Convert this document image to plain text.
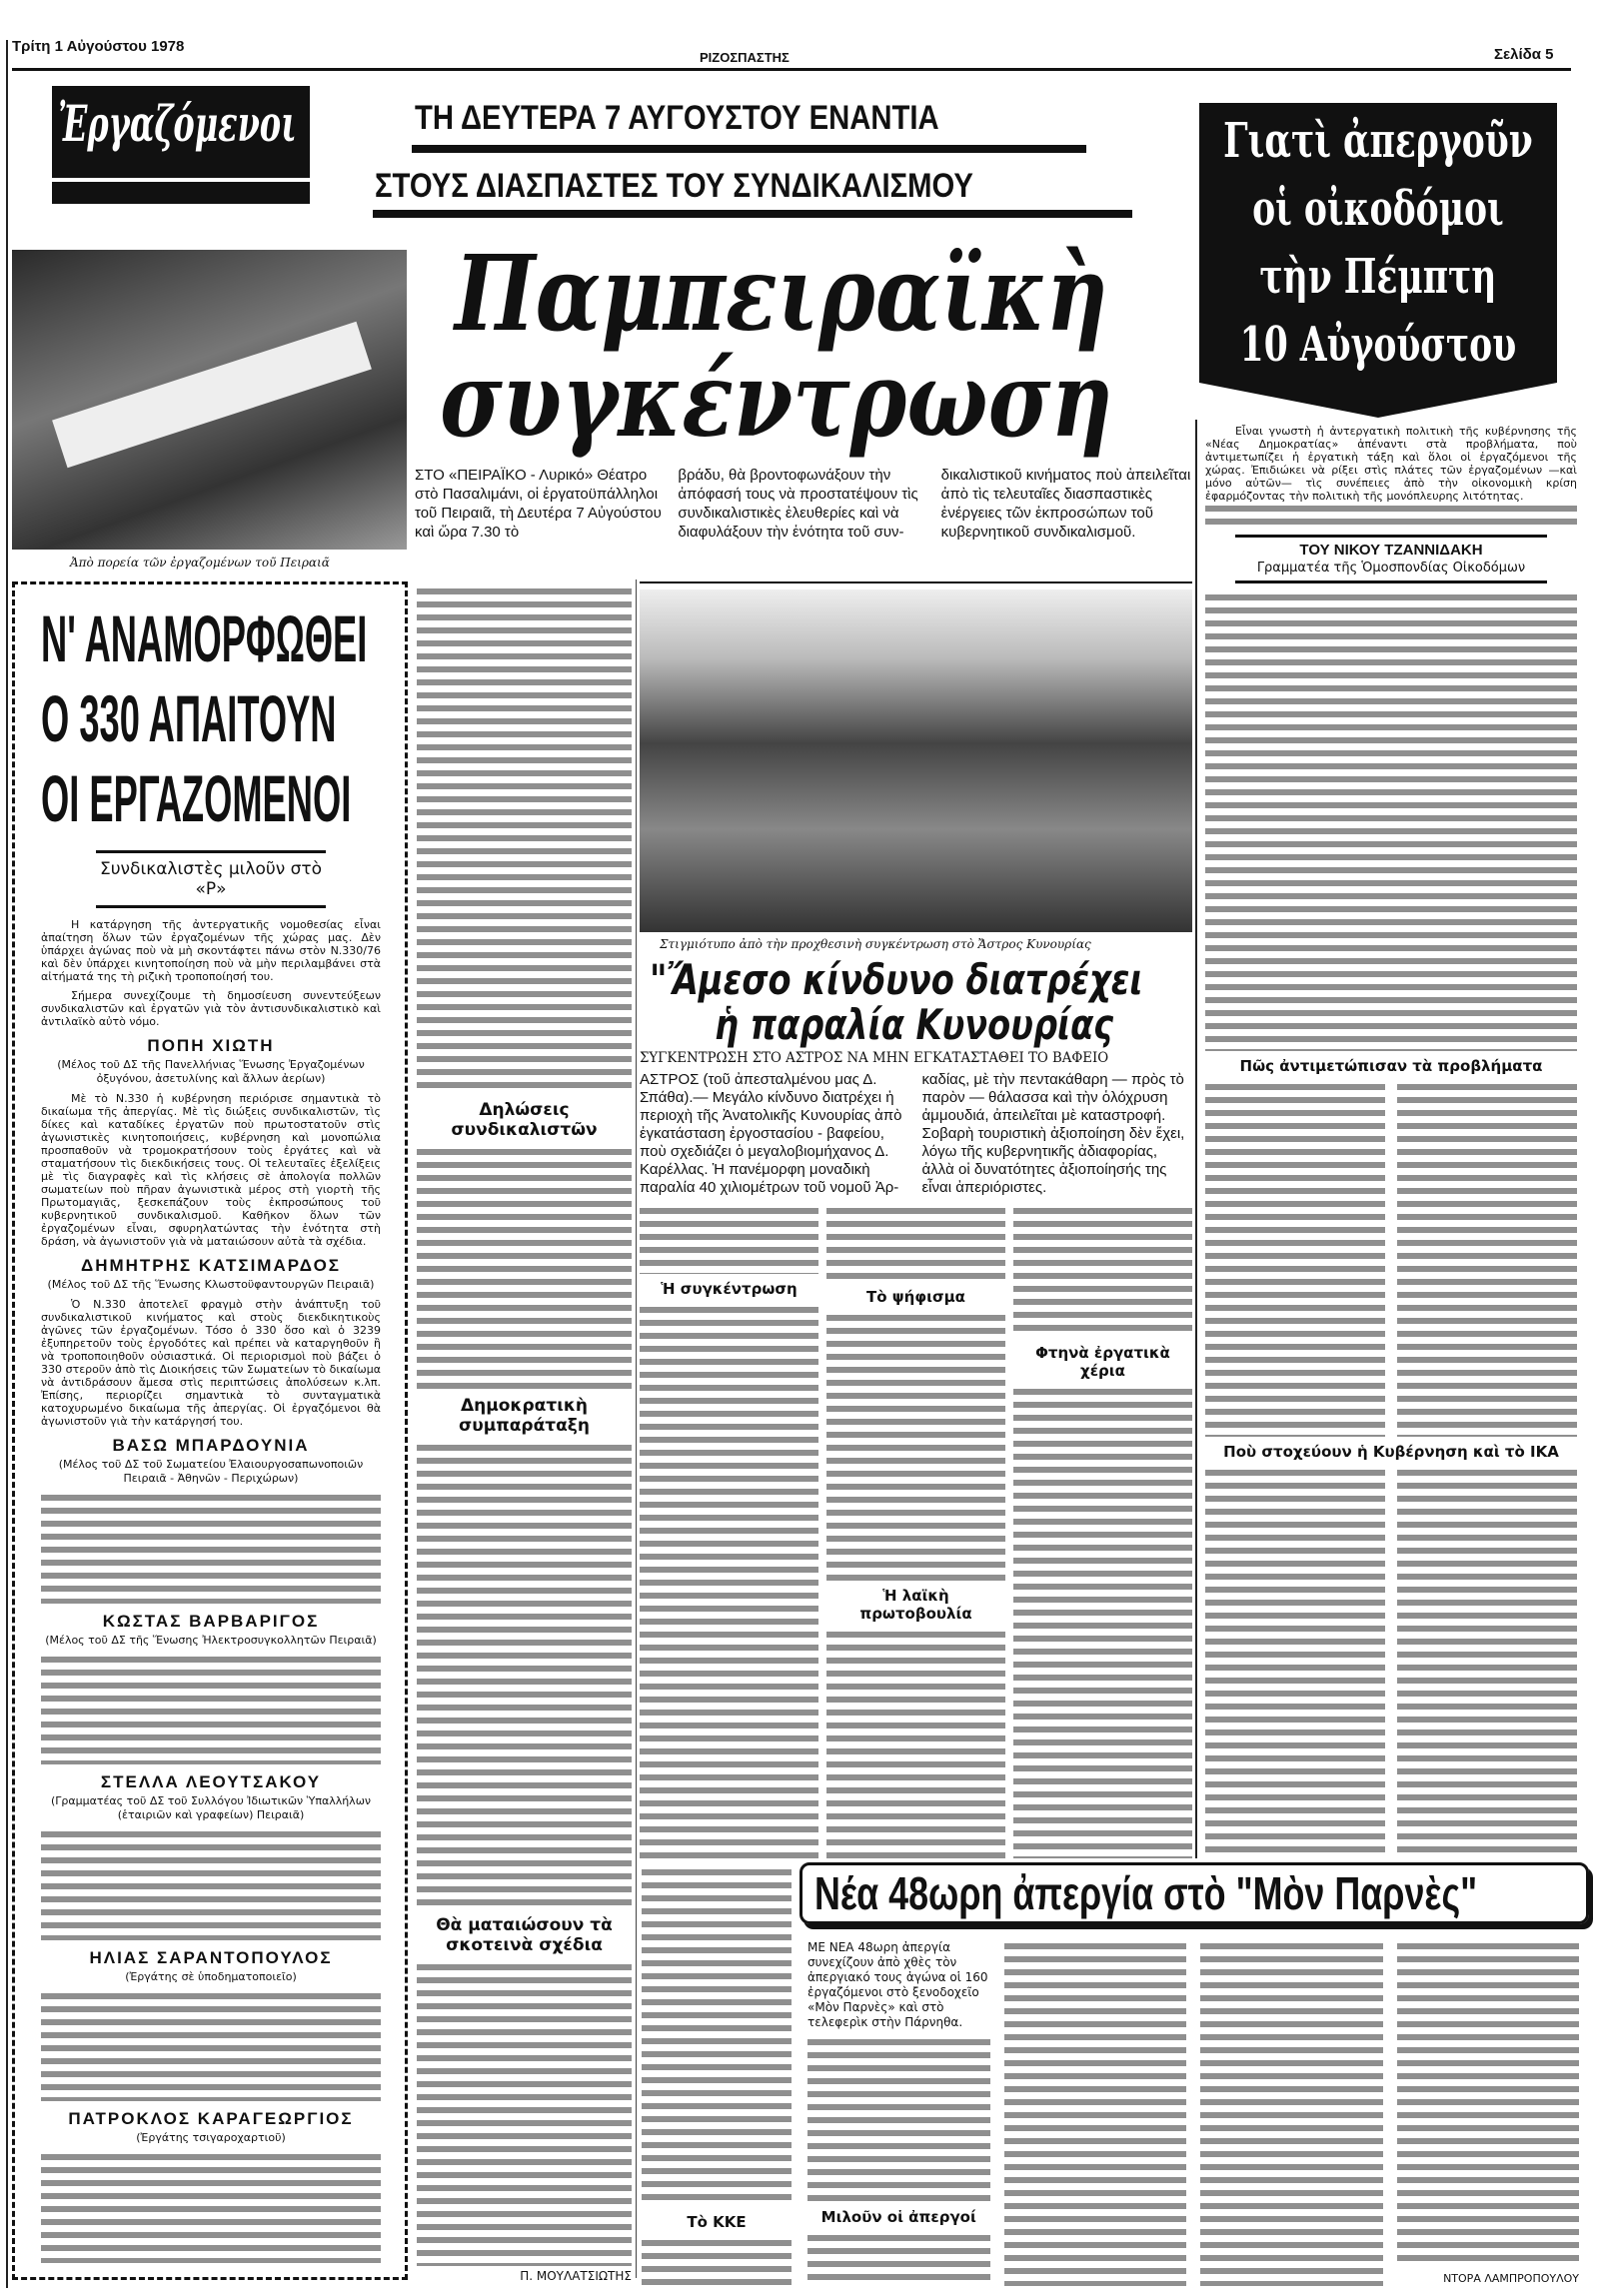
Τρίτη 1 Αὐγούστου 1978
ΡΙΖΟΣΠΑΣΤΗΣ	Σελίδα 5
Ἐργαζόμενοι	ΤΗ ΔΕΥΤΕΡΑ 7 ΑΥΓΟΥΣΤΟΥ ΕΝΑΝΤΙΑ
ΣΤΟΥΣ ΔΙΑΣΠΑΣΤΕΣ ΤΟΥ ΣΥΝΔΙΚΑΛΙΣΜΟΥ
Γιατὶ ἀπεργοῦν
οἱ οἰκοδόμοι
τὴν Πέμπτη
10 Αὐγούστου
Ἀπὸ πορεία τῶν ἐργαζομένων τοῦ Πειραιᾶ
Παμπειραϊκὴ
συγκέντρωση
ΣΤΟ «ΠΕΙΡΑΪΚΟ - Λυρικό» Θέατρο στὸ Πασαλιμάνι, οἱ ἐργατοϋπάλληλοι τοῦ Πειραιᾶ, τὴ Δευτέρα 7 Αὐγούστου καὶ ὥρα 7.30 τὸ
βράδυ, θὰ βροντοφωνάξουν τὴν ἀπόφασή τους νὰ προστατέψουν τὶς συνδικαλιστικὲς ἐλευθερίες καὶ νὰ διαφυλάξουν τὴν ἑνότητα τοῦ συν-
δικαλιστικοῦ κινήματος ποὺ ἀπειλεῖται ἀπὸ τὶς τελευταῖες διασπαστικὲς ἐνέργειες τῶν ἐκπροσώπων τοῦ κυβερνητικοῦ συνδικαλισμοῦ.
Ν' ΑΝΑΜΟΡΦΩΘΕΙ
Ο 330 ΑΠΑΙΤΟΥΝ
ΟΙ ΕΡΓΑΖΟΜΕΝΟΙ
Συνδικαλιστὲς μιλοῦν στὸ «Ρ»
Η κατάργηση τῆς ἀντεργατικῆς νομοθεσίας εἶναι ἀπαίτηση ὅλων τῶν ἐργαζομένων τῆς χώρας μας. Δὲν ὑπάρχει ἀγώνας ποὺ νὰ μὴ σκοντάφτει πάνω στὸν Ν.330/76 καὶ δὲν ὑπάρχει κινητοποίηση ποὺ νὰ μὴν περιλαμβάνει στὰ αἰτήματά της τὴ ριζικὴ τροποποίησή του.
Σήμερα συνεχίζουμε τὴ δημοσίευση συνεντεύξεων συνδικαλιστῶν καὶ ἐργατῶν γιὰ τὸν ἀντισυνδικαλιστικὸ καὶ ἀντιλαϊκὸ αὐτὸ νόμο.
ΠΟΠΗ ΧΙΩΤΗ
(Μέλος τοῦ ΔΣ τῆς Πανελλήνιας Ἕνωσης Ἐργαζομένων ὀξυγόνου, ἀσετυλίνης καὶ ἄλλων ἀερίων)
Μὲ τὸ Ν.330 ἡ κυβέρνηση περιόρισε σημαντικὰ τὸ δικαίωμα τῆς ἀπεργίας. Μὲ τὶς διώξεις συνδικαλιστῶν, τὶς δίκες καὶ καταδίκες ἐργατῶν ποὺ πρωτοστατοῦν στὶς ἀγωνιστικὲς κινητοποιήσεις, κυβέρνηση καὶ μονοπώλια προσπαθοῦν νὰ τρομοκρατήσουν τοὺς ἐργάτες καὶ νὰ σταματήσουν τὶς διεκδικήσεις τους. Οἱ τελευταῖες ἐξελίξεις μὲ τὶς διαγραφὲς καὶ τὶς κλήσεις σὲ ἀπολογία πολλῶν σωματείων ποὺ πῆραν ἀγωνιστικὰ μέρος στὴ γιορτὴ τῆς Πρωτομαγιᾶς, ξεσκεπάζουν τοὺς ἐκπροσώπους τοῦ κυβερνητικοῦ συνδικαλισμοῦ. Καθῆκον ὅλων τῶν ἐργαζομένων εἶναι, σφυρηλατώντας τὴν ἑνότητα στὴ δράση, νὰ ἀγωνιστοῦν γιὰ νὰ ματαιώσουν αὐτὰ τὰ σχέδια.
ΔΗΜΗΤΡΗΣ ΚΑΤΣΙΜΑΡΔΟΣ
(Μέλος τοῦ ΔΣ τῆς Ἕνωσης Κλωστοϋφαντουργῶν Πειραιᾶ)
Ὁ Ν.330 ἀποτελεῖ φραγμὸ στὴν ἀνάπτυξη τοῦ συνδικαλιστικοῦ κινήματος καὶ στοὺς διεκδικητικοὺς ἀγῶνες τῶν ἐργαζομένων. Τόσο ὁ 330 ὅσο καὶ ὁ 3239 ἐξυπηρετοῦν τοὺς ἐργοδότες καὶ πρέπει νὰ καταργηθοῦν ἢ νὰ τροποποιηθοῦν οὐσιαστικά. Οἱ περιορισμοὶ ποὺ βάζει ὁ 330 στεροῦν ἀπὸ τὶς Διοικήσεις τῶν Σωματείων τὸ δικαίωμα νὰ ἀντιδράσουν ἄμεσα στὶς περιπτώσεις ἀπολύσεων κ.λπ. Ἐπίσης, περιορίζει σημαντικὰ τὸ συνταγματικὰ κατοχυρωμένο δικαίωμα τῆς ἀπεργίας. Οἱ ἐργαζόμενοι θὰ ἀγωνιστοῦν γιὰ τὴν κατάργησή του.
ΒΑΣΩ ΜΠΑΡΔΟΥΝΙΑ
(Μέλος τοῦ ΔΣ τοῦ Σωματείου Ἐλαιουργοσαπωνοποιῶν Πειραιᾶ - Ἀθηνῶν - Περιχώρων)
ΚΩΣΤΑΣ ΒΑΡΒΑΡΙΓΟΣ
(Μέλος τοῦ ΔΣ τῆς Ἕνωσης Ἠλεκτροσυγκολλητῶν Πειραιᾶ)
ΣΤΕΛΛΑ ΛΕΟΥΤΣΑΚΟΥ
(Γραμματέας τοῦ ΔΣ τοῦ Συλλόγου Ἰδιωτικῶν Ὑπαλλήλων (ἑταιριῶν καὶ γραφείων) Πειραιᾶ)
ΗΛΙΑΣ ΣΑΡΑΝΤΟΠΟΥΛΟΣ
(Ἐργάτης σὲ ὑποδηματοποιεῖο)
ΠΑΤΡΟΚΛΟΣ ΚΑΡΑΓΕΩΡΓΙΟΣ
(Ἐργάτης τσιγαροχαρτιοῦ)
Δηλώσεις συνδικαλιστῶν
Δημοκρατικὴ συμπαράταξη
Θὰ ματαιώσουν τὰ σκοτεινὰ σχέδια
Π. ΜΟΥΛΑΤΣΙΩΤΗΣ
Στιγμιότυπο ἀπὸ τὴν προχθεσινὴ συγκέντρωση στὸ Ἄστρος Κυνουρίας
"Ἄμεσο κίνδυνο διατρέχει
ἡ παραλία Κυνουρίας
ΣΥΓΚΕΝΤΡΩΣΗ ΣΤΟ ΑΣΤΡΟΣ ΝΑ ΜΗΝ ΕΓΚΑΤΑΣΤΑΘΕΙ ΤΟ ΒΑΦΕΙΟ
ΑΣΤΡΟΣ (τοῦ ἀπεσταλμένου μας Δ. Σπάθα).— Μεγάλο κίνδυνο διατρέχει ἡ περιοχὴ τῆς Ἀνατολικῆς Κυνουρίας ἀπὸ ἐγκατάσταση ἐργοστασίου - βαφείου, ποὺ σχεδιάζει ὁ μεγαλοβιομήχανος Δ. Καρέλλας. Ἡ πανέμορφη μοναδικὴ παραλία 40 χιλιομέτρων τοῦ νομοῦ Ἀρ-
καδίας, μὲ τὴν πεντακάθαρη — πρὸς τὸ παρὸν — θάλασσα καὶ τὴν ὁλόχρυση ἀμμουδιά, ἀπειλεῖται μὲ καταστροφή. Σοβαρὴ τουριστικὴ ἀξιοποίηση δὲν ἔχει, λόγω τῆς κυβερνητικῆς ἀδιαφορίας, ἀλλὰ οἱ δυνατότητες ἀξιοποίησής της εἶναι ἀπεριόριστες.
Ἡ συγκέντρωση	Τὸ ψήφισμα
Ἡ λαϊκὴ πρωτοβουλία
Φτηνὰ ἐργατικὰ χέρια
Τὸ ΚΚΕ
Εἶναι γνωστὴ ἡ ἀντεργατικὴ πολιτικὴ τῆς κυβέρνησης τῆς «Νέας Δημοκρατίας» ἀπέναντι στὰ προβλήματα, ποὺ ἀντιμετωπίζει ἡ ἐργατικὴ τάξη καὶ ὅλοι οἱ ἐργαζόμενοι τῆς χώρας. Ἐπιδιώκει νὰ ρίξει στὶς πλάτες τῶν ἐργαζομένων —καὶ μόνο αὐτῶν— τὶς συνέπειες ἀπὸ τὴν οἰκονομικὴ κρίση ἐφαρμόζοντας τὴν πολιτικὴ τῆς μονόπλευρης λιτότητας.
ΤΟΥ ΝΙΚΟΥ ΤΖΑΝΝΙΔΑΚΗ
Γραμματέα τῆς Ὁμοσπονδίας Οἰκοδόμων
Πῶς ἀντιμετώπισαν τὰ προβλήματα
Ποὺ στοχεύουν ἡ Κυβέρνηση καὶ τὸ ΙΚΑ
Νέα 48ωρη ἀπεργία στὸ "Μὸν Παρνὲς"
ΜΕ ΝΕΑ 48ωρη ἀπεργία συνεχίζουν ἀπὸ χθὲς τὸν ἀπεργιακό τους ἀγώνα οἱ 160 ἐργαζόμενοι στὸ ξενοδοχεῖο «Μὸν Παρνὲς» καὶ στὸ τελεφερὶκ στὴν Πάρνηθα.
Μιλοῦν οἱ ἀπεργοί
ΝΤΟΡΑ ΛΑΜΠΡΟΠΟΥΛΟΥ
